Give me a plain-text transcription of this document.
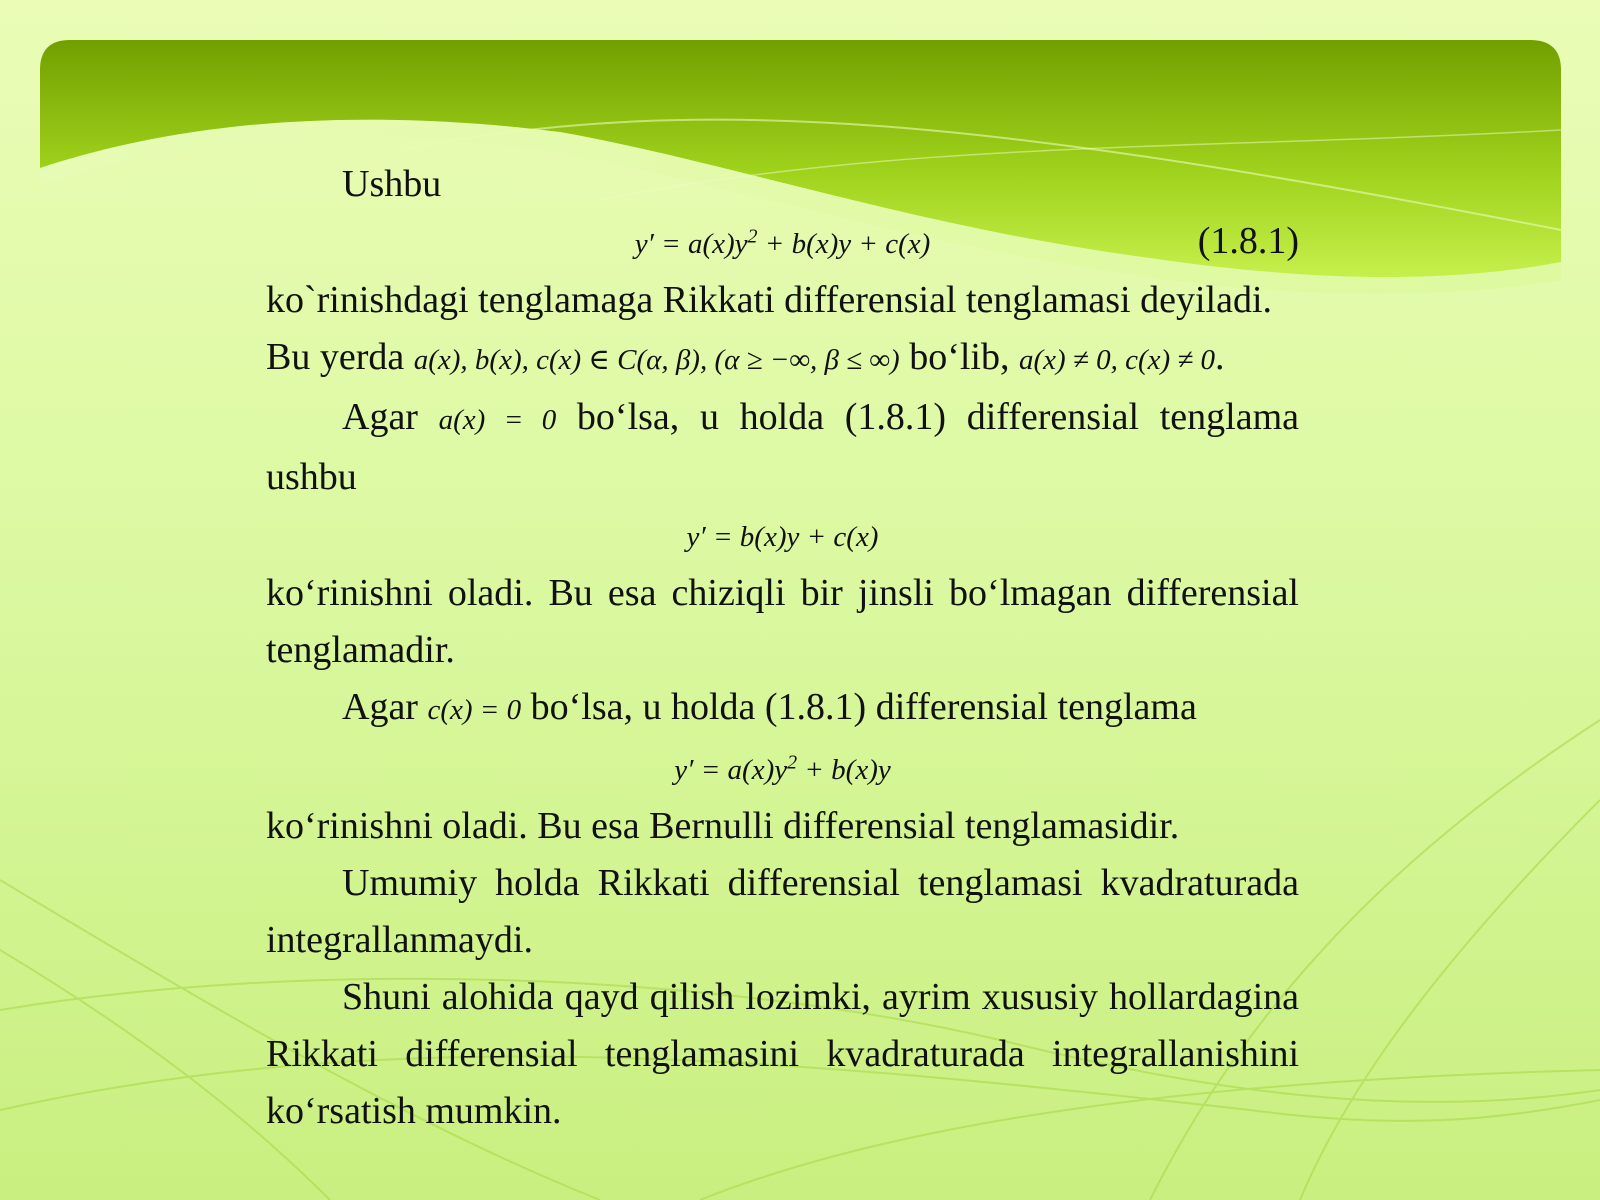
Ushbu

$y' = a(x)y^2 + b(x)y + c(x)$	(1.8.1)

ko`rinishdagi tenglamaga Rikkati differensial tenglamasi deyiladi.

Bu yerda a(x), b(x), c(x) ∈ C(α, β), (α ≥ −∞, β ≤ ∞) bo‘lib, a(x) ≠ 0, c(x) ≠ 0.

Agar a(x) = 0 bo‘lsa, u holda (1.8.1) differensial tenglama

ushbu

y′ = b(x)y + c(x)

ko‘rinishni oladi. Bu esa chiziqli bir jinsli bo‘lmagan differensial tenglamadir.

Agar c(x) = 0 bo‘lsa, u holda (1.8.1) differensial tenglama

$y' = a(x)y^2 + b(x)y$

ko‘rinishni oladi. Bu esa Bernulli differensial tenglamasidir.

Umumiy holda Rikkati differensial tenglamasi kvadraturada integrallanmaydi.

Shuni alohida qayd qilish lozimki, ayrim xususiy hollardagina Rikkati differensial tenglamasini kvadraturada integrallanishini ko‘rsatish mumkin.
